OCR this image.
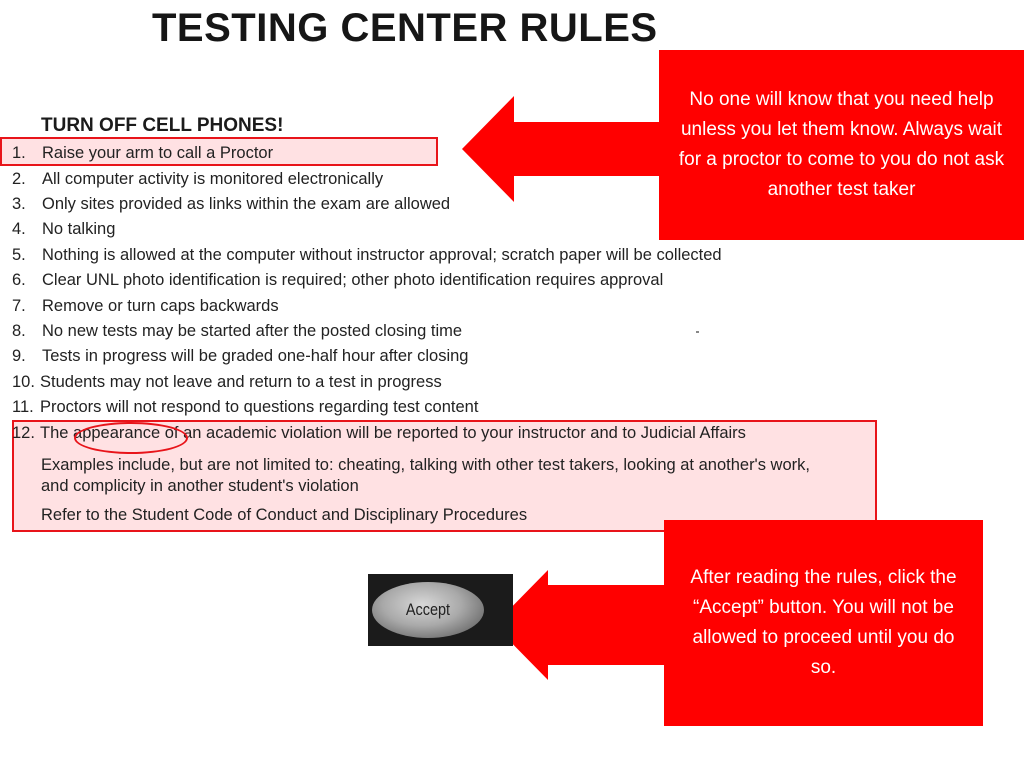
TESTING CENTER RULES
TURN OFF CELL PHONES!
1. Raise your arm to call a Proctor
2. All computer activity is monitored electronically
3. Only sites provided as links within the exam are allowed
4. No talking
5. Nothing is allowed at the computer without instructor approval; scratch paper will be collected
6. Clear UNL photo identification is required; other photo identification requires approval
7. Remove or turn caps backwards
8. No new tests may be started after the posted closing time
9. Tests in progress will be graded one-half hour after closing
10. Students may not leave and return to a test in progress
11. Proctors will not respond to questions regarding test content
12. The appearance of an academic violation will be reported to your instructor and to Judicial Affairs
Examples include, but are not limited to: cheating, talking with other test takers, looking at another's work, and complicity in another student's violation
Refer to the Student Code of Conduct and Disciplinary Procedures
No one will know that you need help unless you let them know. Always wait for a proctor to come to you do not ask another test taker
After reading the rules, click the “Accept” button. You will not be allowed to proceed until you do so.
Accept
